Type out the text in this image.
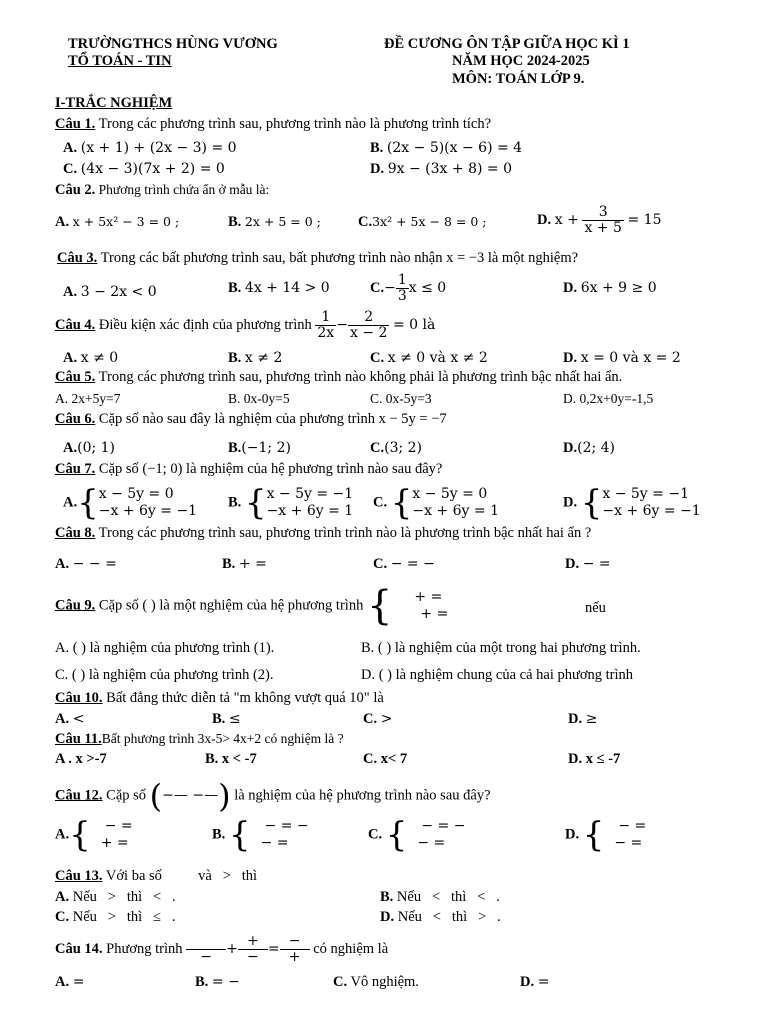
TRƯỜNGTHCS HÙNG VƯƠNG
TỔ TOÁN - TIN
ĐỀ CƯƠNG ÔN TẬP GIỮA HỌC KÌ 1
NĂM HỌC 2024-2025
MÔN: TOÁN LỚP 9.
I-TRẮC NGHIỆM
Câu 1. Trong các phương trình sau, phương trình nào là phương trình tích?
A. (x + 1) + (2x − 3) = 0	B. (2x − 5)(x − 6) = 4
C. (4x − 3)(7x + 2) = 0	D. 9x − (3x + 8) = 0
Câu 2. Phương trình chứa ẩn ở mẫu là:
A. x + 5x² − 3 = 0 ;	B. 2x + 5 = 0 ;	C.3x² + 5x − 8 = 0 ;	D. $x + \frac{3}{x + 5} = 15$
Câu 3. Trong các bất phương trình sau, bất phương trình nào nhận x = −3 là một nghiệm?
A. 3 − 2x < 0	B. 4x + 14 > 0	$C.- \frac{1}{3}$ x ≤ 0	D. 6x + 9 ≥ 0
Câu 4. Điều kiện xác định của phương trình $\frac{1}{2x} - \frac{2}{x - 2} = 0$ là
A. x ≠ 0	B. x ≠ 2	C. x ≠ 0 và x ≠ 2	D. x = 0 và x = 2
Câu 5. Trong các phương trình sau, phương trình nào không phải là phương trình bậc nhất hai ẩn.
A. 2x+5y=7	B. 0x-0y=5	C. 0x-5y=3	D. 0,2x+0y=-1,5
Câu 6. Cặp số nào sau đây là nghiệm của phương trình x − 5y = −7
A.(0; 1)	B.(−1; 2)	C.(3; 2)	D.(2; 4)
Câu 7. Cặp số (−1; 0) là nghiệm của hệ phương trình nào sau đây?
A.{ x − 5y = 0
−x + 6y = −1
B. { x − 5y = −1
−x + 6y = 1
C. { x − 5y = 0
−x + 6y = 1
D. { x − 5y = −1
−x + 6y = −1
Câu 8. Trong các phương trình sau, phương trình trình nào là phương trình bậc nhất hai ẩn ?
A. − − =	B. + =	C. − = −	D. − =
Câu 9. Cặp số ( ) là một nghiệm của hệ phương trình {	+ =
+ =	nếu
A. ( ) là nghiệm của phương trình (1).	B. ( ) là nghiệm của một trong hai phương trình.
C. ( ) là nghiệm của phương trình (2).	D. ( ) là nghiệm chung của cả hai phương trình
Câu 10. Bất đẳng thức diễn tả "m không vượt quá 10" là
A. <	B. ≤	C. >	D. ≥
Câu 11.Bất phương trình 3x-5> 4x+2 có nghiệm là ?
A . x >-7	B. x < -7	C. x< 7	D. x ≤ -7
Câu 12. Cặp số (−— −—) là nghiệm của hệ phương trình nào sau đây?
A.{	− =
+ =
B. {	− = −
− =
C. {	− = −
− =
D. {	− =
− =
Câu 13. Với ba số          và   >   thì
A. Nếu   >   thì   <   .	B. Nếu   <   thì   <   .
C. Nếu   >   thì   ≤   .	D. Nếu   <   thì   >   .
Câu 14. Phương trình

−
+ $\frac{+}{-} = \frac{-}{+}$ có nghiệm là
A. =	B. = −	C. Vô nghiệm.	D. =
